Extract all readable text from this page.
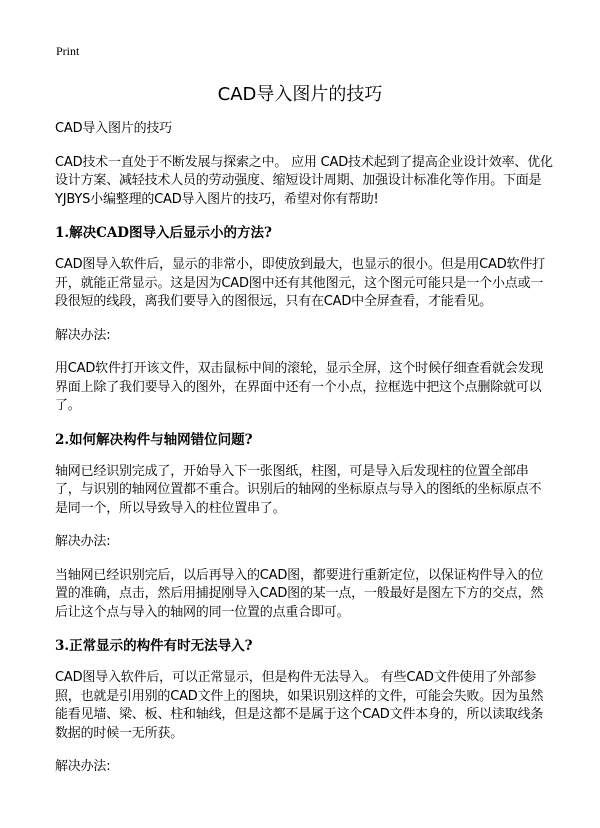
Print
CAD导入图片的技巧

CAD导入图片的技巧

CAD技术一直处于不断发展与探索之中。 应用 CAD技术起到了提高企业设计效率、优化设计方案、减轻技术人员的劳动强度、缩短设计周期、加强设计标准化等作用。下面是YJBYS小编整理的CAD导入图片的技巧，希望对你有帮助!

1.解决CAD图导入后显示小的方法?

CAD图导入软件后，显示的非常小，即使放到最大，也显示的很小。但是用CAD软件打开，就能正常显示。这是因为CAD图中还有其他图元，这个图元可能只是一个小点或一段很短的线段，离我们要导入的图很远，只有在CAD中全屏查看，才能看见。

解决办法:

用CAD软件打开该文件，双击鼠标中间的滚轮，显示全屏，这个时候仔细查看就会发现界面上除了我们要导入的图外，在界面中还有一个小点，拉框选中把这个点删除就可以了。

2.如何解决构件与轴网错位问题?

轴网已经识别完成了，开始导入下一张图纸，柱图，可是导入后发现柱的位置全部串了，与识别的轴网位置都不重合。识别后的轴网的坐标原点与导入的图纸的坐标原点不是同一个，所以导致导入的柱位置串了。

解决办法:

当轴网已经识别完后，以后再导入的CAD图，都要进行重新定位，以保证构件导入的位置的准确，点击，然后用捕捉刚导入CAD图的某一点，一般最好是图左下方的交点，然后让这个点与导入的轴网的同一位置的点重合即可。

3.正常显示的构件有时无法导入?

CAD图导入软件后，可以正常显示，但是构件无法导入。 有些CAD文件使用了外部参照，也就是引用别的CAD文件上的图块，如果识别这样的文件，可能会失败。因为虽然能看见墙、梁、板、柱和轴线，但是这都不是属于这个CAD文件本身的，所以读取线条数据的时候一无所获。

解决办法:
